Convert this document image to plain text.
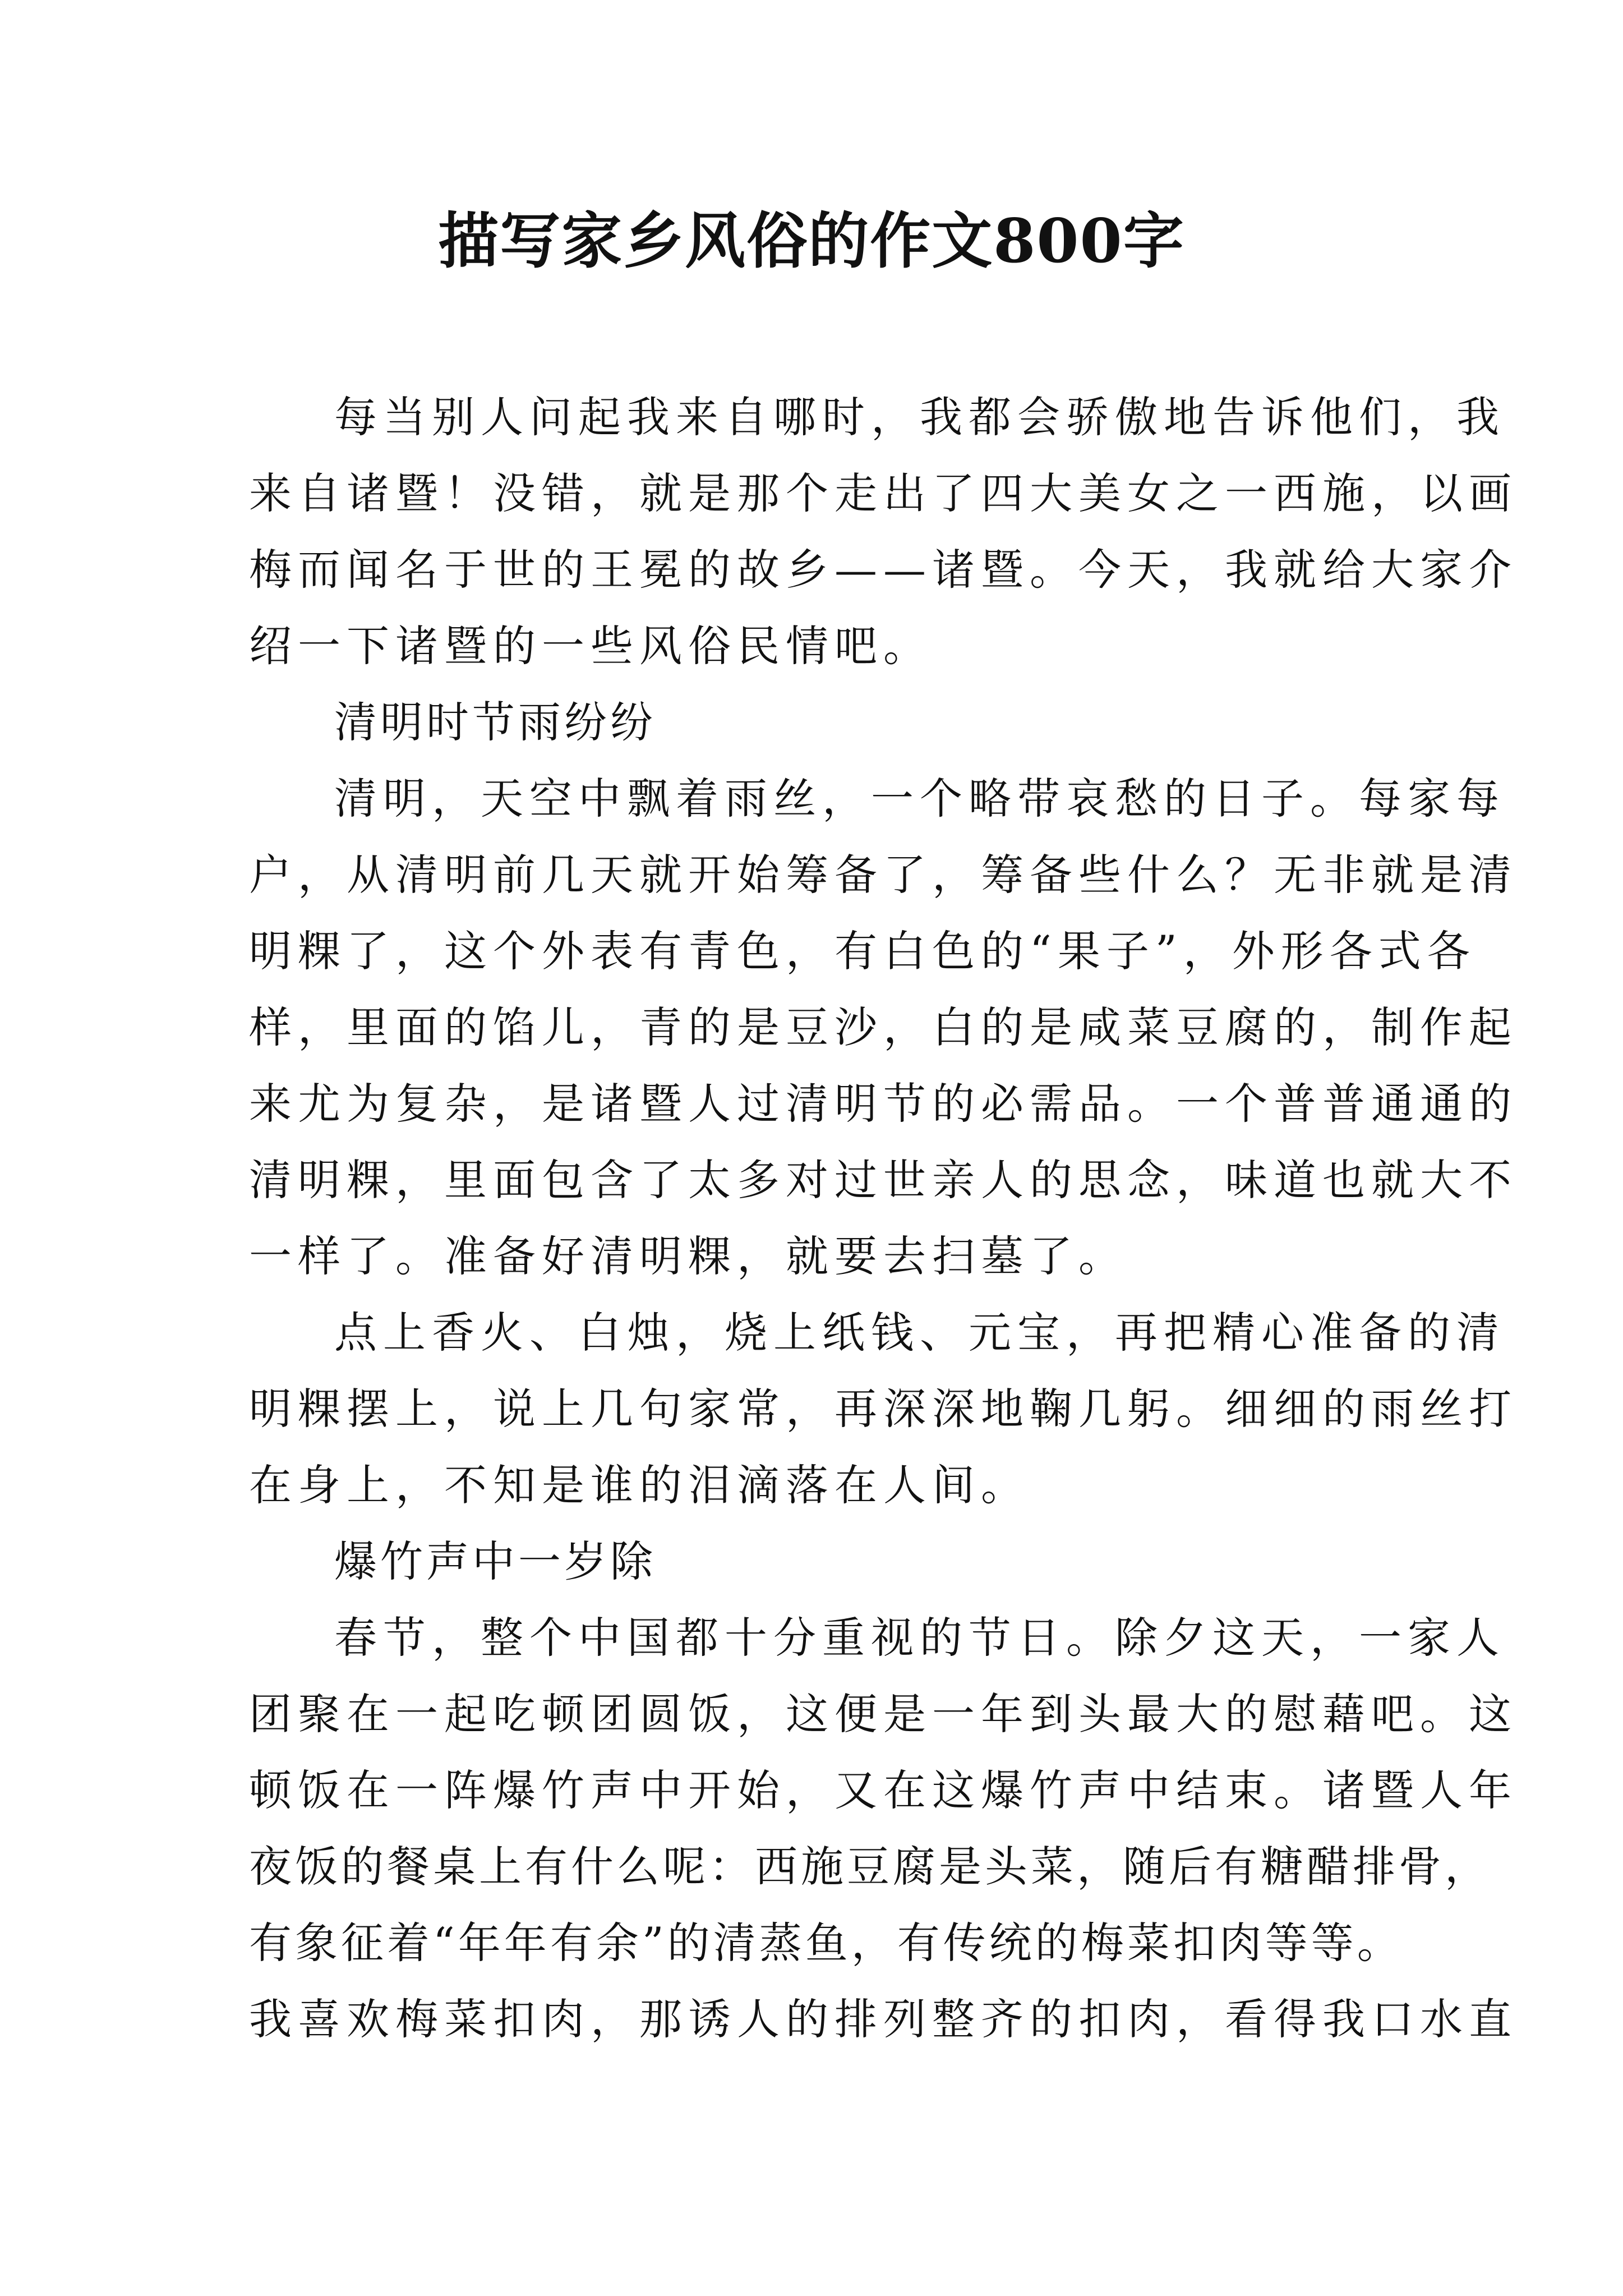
描写家乡风俗的作文800字
每当别人问起我来自哪时，我都会骄傲地告诉他们，我
来自诸暨！没错，就是那个走出了四大美女之一西施，以画
梅而闻名于世的王冕的故乡——诸暨。今天，我就给大家介
绍一下诸暨的一些风俗民情吧。
清明时节雨纷纷
清明，天空中飘着雨丝，一个略带哀愁的日子。每家每
户，从清明前几天就开始筹备了，筹备些什么？无非就是清
明粿了，这个外表有青色，有白色的“果子”，外形各式各
样，里面的馅儿，青的是豆沙，白的是咸菜豆腐的，制作起
来尤为复杂，是诸暨人过清明节的必需品。一个普普通通的
清明粿，里面包含了太多对过世亲人的思念，味道也就大不
一样了。准备好清明粿，就要去扫墓了。
点上香火、白烛，烧上纸钱、元宝，再把精心准备的清
明粿摆上，说上几句家常，再深深地鞠几躬。细细的雨丝打
在身上，不知是谁的泪滴落在人间。
爆竹声中一岁除
春节，整个中国都十分重视的节日。除夕这天，一家人
团聚在一起吃顿团圆饭，这便是一年到头最大的慰藉吧。这
顿饭在一阵爆竹声中开始，又在这爆竹声中结束。诸暨人年
夜饭的餐桌上有什么呢：西施豆腐是头菜，随后有糖醋排骨，
有象征着“年年有余”的清蒸鱼，有传统的梅菜扣肉等等。
我喜欢梅菜扣肉，那诱人的排列整齐的扣肉，看得我口水直
